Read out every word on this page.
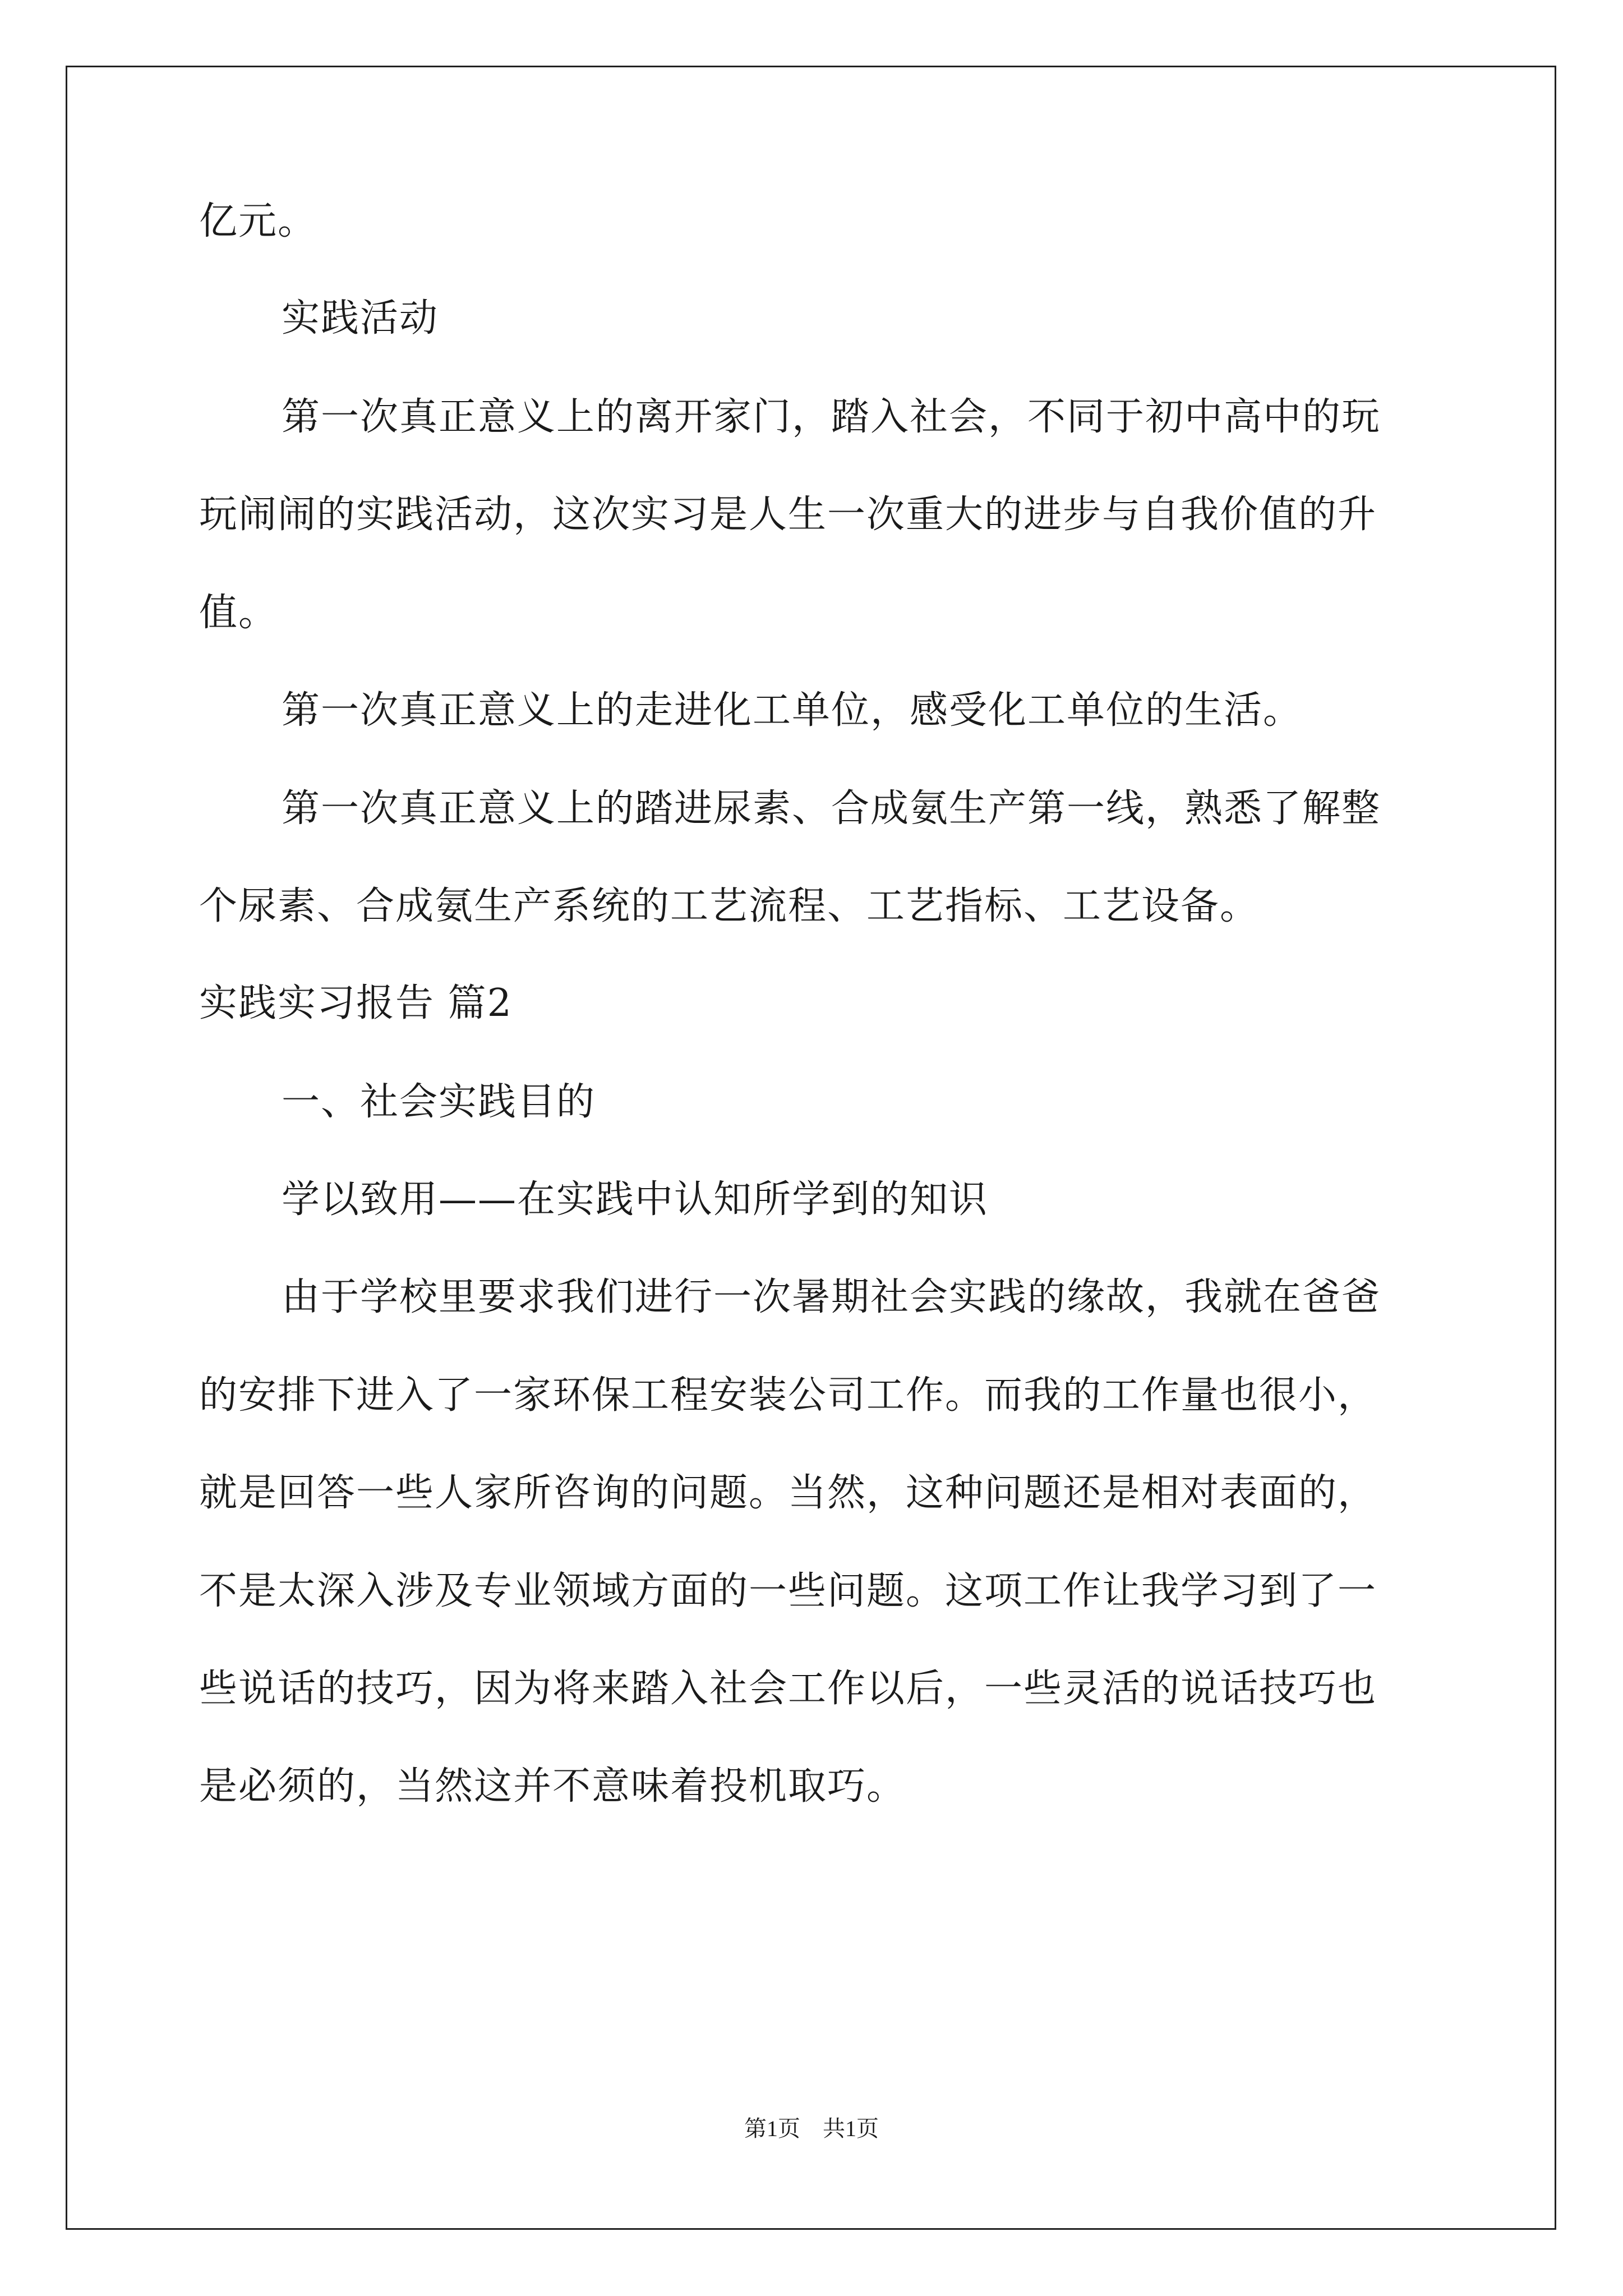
亿元。
实践活动
第一次真正意义上的离开家门，踏入社会，不同于初中高中的玩
玩闹闹的实践活动，这次实习是人生一次重大的进步与自我价值的升
值。
第一次真正意义上的走进化工单位，感受化工单位的生活。
第一次真正意义上的踏进尿素、合成氨生产第一线，熟悉了解整
个尿素、合成氨生产系统的工艺流程、工艺指标、工艺设备。
实践实习报告 篇2
一、社会实践目的
学以致用——在实践中认知所学到的知识
由于学校里要求我们进行一次暑期社会实践的缘故，我就在爸爸
的安排下进入了一家环保工程安装公司工作。而我的工作量也很小，
就是回答一些人家所咨询的问题。当然，这种问题还是相对表面的，
不是太深入涉及专业领域方面的一些问题。这项工作让我学习到了一
些说话的技巧，因为将来踏入社会工作以后，一些灵活的说话技巧也
是必须的，当然这并不意味着投机取巧。
第1页　共1页
